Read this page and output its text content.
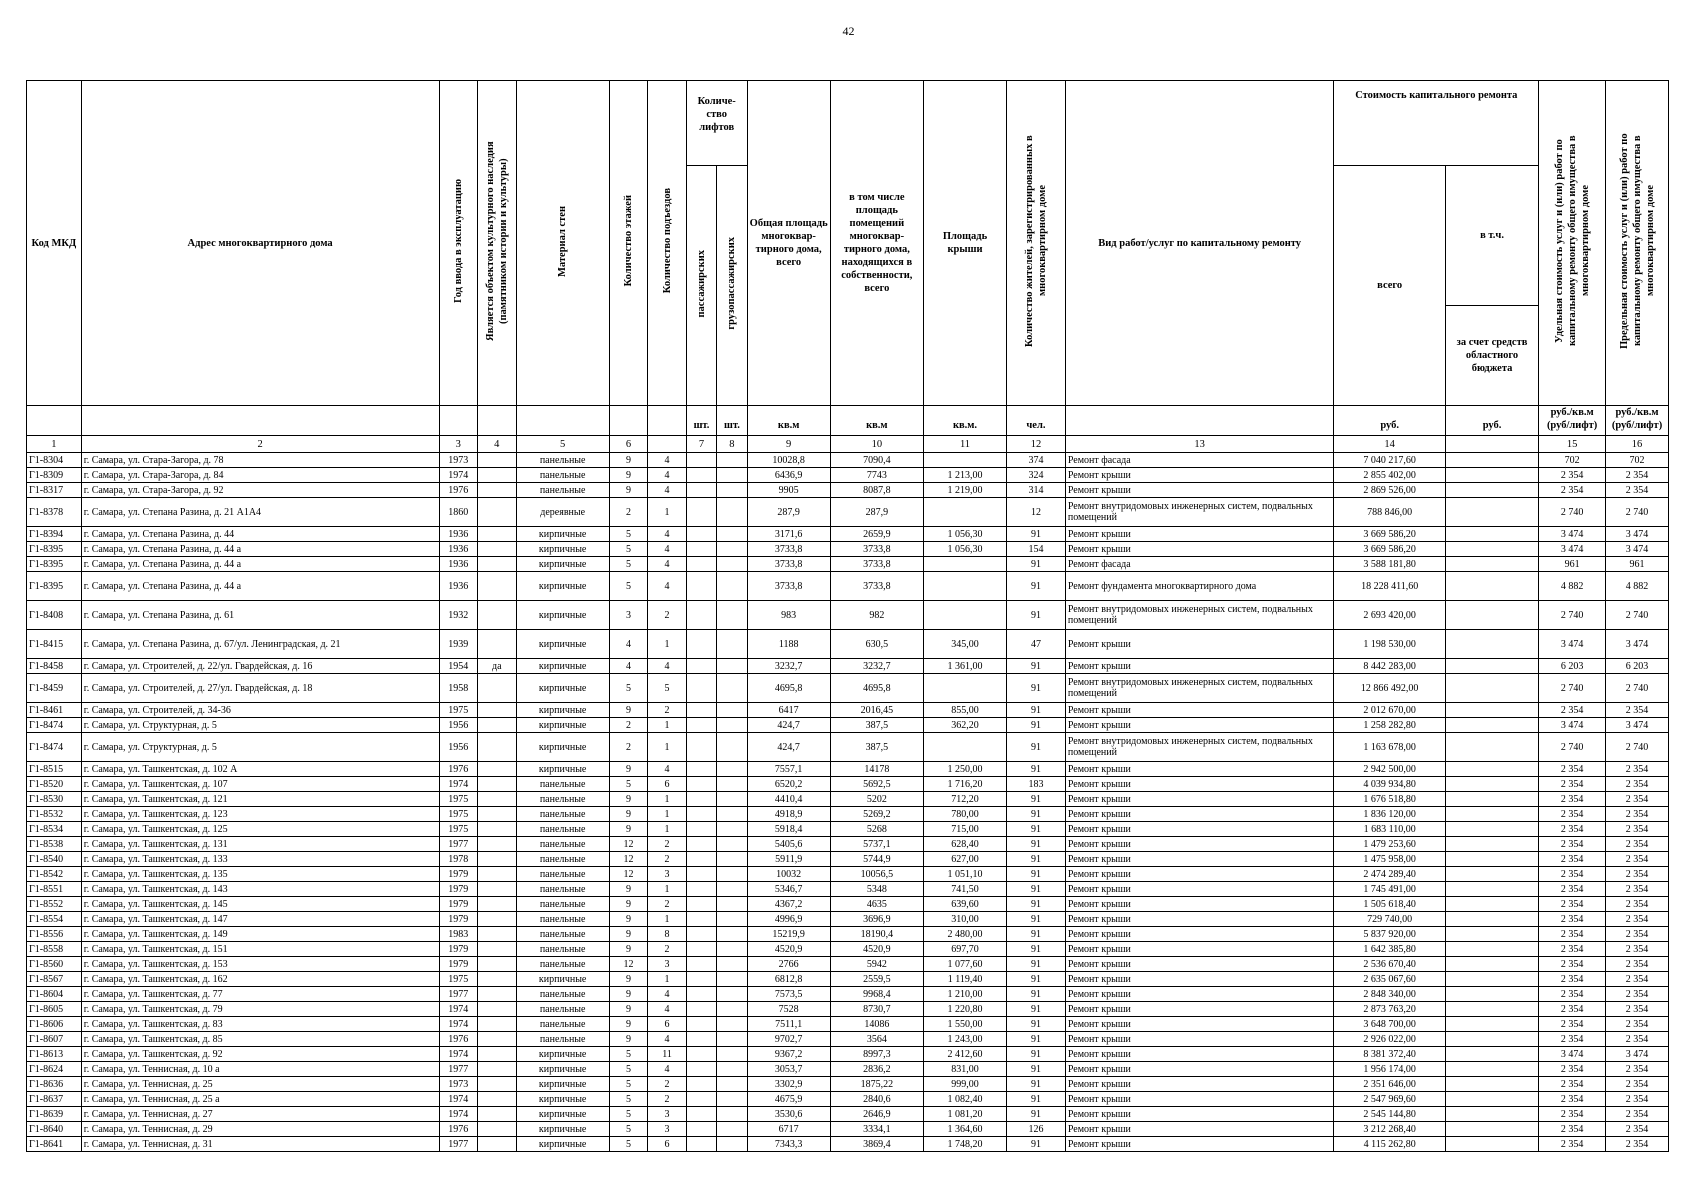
42
Код МКД	Адрес многоквартирного дома	Год ввода в эксплуатацию	Является объектом культурного наследия (памятником истории и культуры)	Материал стен	Количество этажей	Количество подъездов	Количе-ство лифтов		Общая площадь многоквар-тирного дома, всего	в том числе площадь помещений многоквар-тирного дома, находящихся в собственности, всего	Площадь крыши	Количество жителей, зарегистрированных в многоквартирном доме	Вид работ/услуг по капитальному ремонту	Стоимость капитального ремонта		Удельная стоимость услуг и (или) работ по капитальному ремонту общего имущества в многоквартирном доме	Предельная стоимость услуг и (или) работ по капитальному ремонту общего имущества в многоквартирном доме
							пассажирских	грузопассажирских						всего	в т.ч.		
															за счет средств областного бюджета		
							шт.	шт.	кв.м	кв.м	кв.м.	чел.		руб.	руб.	руб./кв.м (руб/лифт)	руб./кв.м (руб/лифт)
1	2	3	4	5	6		7	8	9	10	11	12	13	14		15	16
Г1-8304	г. Самара, ул. Стара-Загора, д. 78	1973		панельные	9	4			10028,8	7090,4		374	Ремонт фасада	7 040 217,60		702	702
Г1-8309	г. Самара, ул. Стара-Загора, д. 84	1974		панельные	9	4			6436,9	7743	1 213,00	324	Ремонт крыши	2 855 402,00		2 354	2 354
Г1-8317	г. Самара, ул. Стара-Загора, д. 92	1976		панельные	9	4			9905	8087,8	1 219,00	314	Ремонт крыши	2 869 526,00		2 354	2 354
Г1-8378	г. Самара, ул. Степана Разина, д. 21 А1А4	1860		дереявные	2	1			287,9	287,9		12	Ремонт внутридомовых инженерных систем, подвальных помещений	788 846,00		2 740	2 740
Г1-8394	г. Самара, ул. Степана Разина, д. 44	1936		кирпичные	5	4			3171,6	2659,9	1 056,30	91	Ремонт крыши	3 669 586,20		3 474	3 474
Г1-8395	г. Самара, ул. Степана Разина, д. 44 а	1936		кирпичные	5	4			3733,8	3733,8	1 056,30	154	Ремонт крыши	3 669 586,20		3 474	3 474
Г1-8395	г. Самара, ул. Степана Разина, д. 44 а	1936		кирпичные	5	4			3733,8	3733,8		91	Ремонт фасада	3 588 181,80		961	961
Г1-8395	г. Самара, ул. Степана Разина, д. 44 а	1936		кирпичные	5	4			3733,8	3733,8		91	Ремонт фундамента многоквартирного дома	18 228 411,60		4 882	4 882
Г1-8408	г. Самара, ул. Степана Разина, д. 61	1932		кирпичные	3	2			983	982		91	Ремонт внутридомовых инженерных систем, подвальных помещений	2 693 420,00		2 740	2 740
Г1-8415	г. Самара, ул. Степана Разина, д. 67/ул. Ленинградская, д. 21	1939		кирпичные	4	1			1188	630,5	345,00	47	Ремонт крыши	1 198 530,00		3 474	3 474
Г1-8458	г. Самара, ул. Строителей, д. 22/ул. Гвардейская, д. 16	1954	да	кирпичные	4	4			3232,7	3232,7	1 361,00	91	Ремонт крыши	8 442 283,00		6 203	6 203
Г1-8459	г. Самара, ул. Строителей, д. 27/ул. Гвардейская, д. 18	1958		кирпичные	5	5			4695,8	4695,8		91	Ремонт внутридомовых инженерных систем, подвальных помещений	12 866 492,00		2 740	2 740
Г1-8461	г. Самара, ул. Строителей, д. 34-36	1975		кирпичные	9	2			6417	2016,45	855,00	91	Ремонт крыши	2 012 670,00		2 354	2 354
Г1-8474	г. Самара, ул. Структурная, д. 5	1956		кирпичные	2	1			424,7	387,5	362,20	91	Ремонт крыши	1 258 282,80		3 474	3 474
Г1-8474	г. Самара, ул. Структурная, д. 5	1956		кирпичные	2	1			424,7	387,5		91	Ремонт внутридомовых инженерных систем, подвальных помещений	1 163 678,00		2 740	2 740
Г1-8515	г. Самара, ул. Ташкентская, д. 102 А	1976		кирпичные	9	4			7557,1	14178	1 250,00	91	Ремонт крыши	2 942 500,00		2 354	2 354
Г1-8520	г. Самара, ул. Ташкентская, д. 107	1974		панельные	5	6			6520,2	5692,5	1 716,20	183	Ремонт крыши	4 039 934,80		2 354	2 354
Г1-8530	г. Самара, ул. Ташкентская, д. 121	1975		панельные	9	1			4410,4	5202	712,20	91	Ремонт крыши	1 676 518,80		2 354	2 354
Г1-8532	г. Самара, ул. Ташкентская, д. 123	1975		панельные	9	1			4918,9	5269,2	780,00	91	Ремонт крыши	1 836 120,00		2 354	2 354
Г1-8534	г. Самара, ул. Ташкентская, д. 125	1975		панельные	9	1			5918,4	5268	715,00	91	Ремонт крыши	1 683 110,00		2 354	2 354
Г1-8538	г. Самара, ул. Ташкентская, д. 131	1977		панельные	12	2			5405,6	5737,1	628,40	91	Ремонт крыши	1 479 253,60		2 354	2 354
Г1-8540	г. Самара, ул. Ташкентская, д. 133	1978		панельные	12	2			5911,9	5744,9	627,00	91	Ремонт крыши	1 475 958,00		2 354	2 354
Г1-8542	г. Самара, ул. Ташкентская, д. 135	1979		панельные	12	3			10032	10056,5	1 051,10	91	Ремонт крыши	2 474 289,40		2 354	2 354
Г1-8551	г. Самара, ул. Ташкентская, д. 143	1979		панельные	9	1			5346,7	5348	741,50	91	Ремонт крыши	1 745 491,00		2 354	2 354
Г1-8552	г. Самара, ул. Ташкентская, д. 145	1979		панельные	9	2			4367,2	4635	639,60	91	Ремонт крыши	1 505 618,40		2 354	2 354
Г1-8554	г. Самара, ул. Ташкентская, д. 147	1979		панельные	9	1			4996,9	3696,9	310,00	91	Ремонт крыши	729 740,00		2 354	2 354
Г1-8556	г. Самара, ул. Ташкентская, д. 149	1983		панельные	9	8			15219,9	18190,4	2 480,00	91	Ремонт крыши	5 837 920,00		2 354	2 354
Г1-8558	г. Самара, ул. Ташкентская, д. 151	1979		панельные	9	2			4520,9	4520,9	697,70	91	Ремонт крыши	1 642 385,80		2 354	2 354
Г1-8560	г. Самара, ул. Ташкентская, д. 153	1979		панельные	12	3			2766	5942	1 077,60	91	Ремонт крыши	2 536 670,40		2 354	2 354
Г1-8567	г. Самара, ул. Ташкентская, д. 162	1975		кирпичные	9	1			6812,8	2559,5	1 119,40	91	Ремонт крыши	2 635 067,60		2 354	2 354
Г1-8604	г. Самара, ул. Ташкентская, д. 77	1977		панельные	9	4			7573,5	9968,4	1 210,00	91	Ремонт крыши	2 848 340,00		2 354	2 354
Г1-8605	г. Самара, ул. Ташкентская, д. 79	1974		панельные	9	4			7528	8730,7	1 220,80	91	Ремонт крыши	2 873 763,20		2 354	2 354
Г1-8606	г. Самара, ул. Ташкентская, д. 83	1974		панельные	9	6			7511,1	14086	1 550,00	91	Ремонт крыши	3 648 700,00		2 354	2 354
Г1-8607	г. Самара, ул. Ташкентская, д. 85	1976		панельные	9	4			9702,7	3564	1 243,00	91	Ремонт крыши	2 926 022,00		2 354	2 354
Г1-8613	г. Самара, ул. Ташкентская, д. 92	1974		кирпичные	5	11			9367,2	8997,3	2 412,60	91	Ремонт крыши	8 381 372,40		3 474	3 474
Г1-8624	г. Самара, ул. Теннисная, д. 10 а	1977		кирпичные	5	4			3053,7	2836,2	831,00	91	Ремонт крыши	1 956 174,00		2 354	2 354
Г1-8636	г. Самара, ул. Теннисная, д. 25	1973		кирпичные	5	2			3302,9	1875,22	999,00	91	Ремонт крыши	2 351 646,00		2 354	2 354
Г1-8637	г. Самара, ул. Теннисная, д. 25 а	1974		кирпичные	5	2			4675,9	2840,6	1 082,40	91	Ремонт крыши	2 547 969,60		2 354	2 354
Г1-8639	г. Самара, ул. Теннисная, д. 27	1974		кирпичные	5	3			3530,6	2646,9	1 081,20	91	Ремонт крыши	2 545 144,80		2 354	2 354
Г1-8640	г. Самара, ул. Теннисная, д. 29	1976		кирпичные	5	3			6717	3334,1	1 364,60	126	Ремонт крыши	3 212 268,40		2 354	2 354
Г1-8641	г. Самара, ул. Теннисная, д. 31	1977		кирпичные	5	6			7343,3	3869,4	1 748,20	91	Ремонт крыши	4 115 262,80		2 354	2 354
